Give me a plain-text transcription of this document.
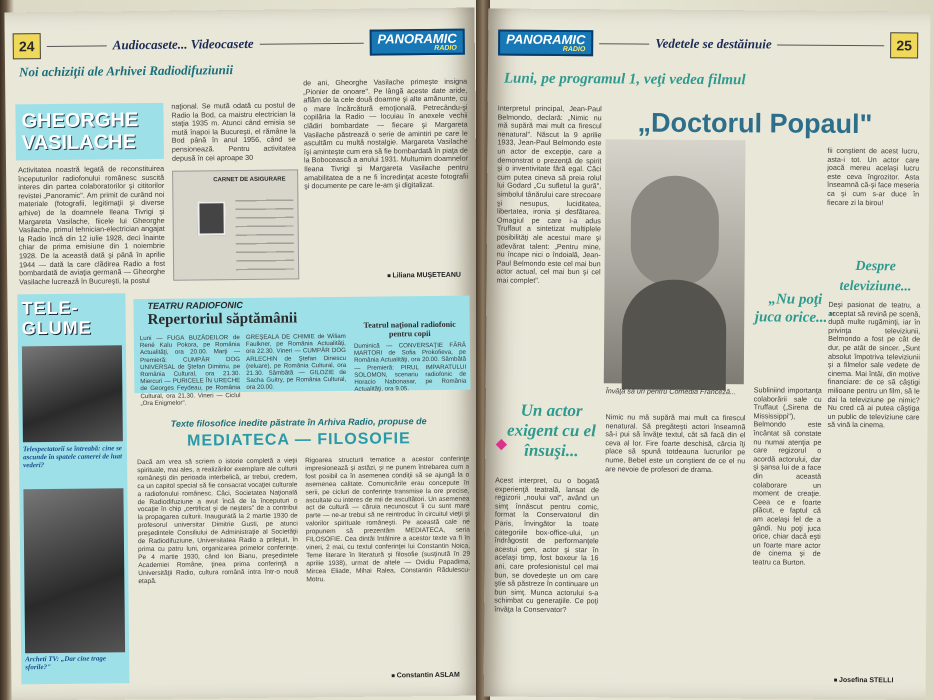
24	Audiocasete... Videocasete	PANORAMIC
RADIO
Noi achiziţii ale Arhivei Radiodifuziunii
GHEORGHE VASILACHE
Activitatea noastră legată de reconstituirea începuturilor radiofonului românesc suscită interes din partea colaboratorilor şi cititorilor revistei „Panoramic". Am primit de curând noi materiale (fotografii, legitimaţii şi diverse arhive) de la doamnele Ileana Tivrigi şi Margareta Vasilache, fiicele lui Gheorghe Vasilache, primul tehnician-electrician angajat la Radio încă din 12 iulie 1928, deci înainte chiar de prima emisiune din 1 noiembrie 1928. De la această dată şi până în aprilie 1944 — dată la care clădirea Radio a fost bombardată de aviaţia germană — Gheorghe Vasilache lucrează în Bucureşti, la postul
naţional. Se mută odată cu postul de Radio la Bod, ca maistru electrician la staţia 1935 m. Atunci când emisia se mută înapoi la Bucureşti, el rămâne la Bod până în anul 1956, când se pensionează. Pentru activitatea depusă în cei aproape 30
de ani, Gheorghe Vasilache primeşte insigna „Pionier de onoare". Pe lângă aceste date aride, aflăm de la cele două doamne şi alte amănunte, cu o mare încărcătură emoţională. Petrecându-şi copilăria la Radio — locuiau în anexele vechii clădiri bombardate — fiecare şi Margareta Vasilache păstrează o serie de amintiri pe care le ascultăm cu multă nostalgie. Margareta Vasilache îşi aminteşte cum era să fie bombardată în piaţa de la Bobocească a anului 1931. Multumim doamnelor Ileana Tivrigi şi Margareta Vasilache pentru amabilitatea de a ne fi încredinţat aceste fotografii şi documente pe care le-am şi digitalizat.
CARNET DE ASIGURARE
■ Liliana MUŞETEANU
TELE-GLUME
Telespectatorii se întreabă: cine se ascunde în spatele camerei de luat vederi?
Archeti TV: „Dar cine trage sforile?"
TEATRU RADIOFONIC
Repertoriul săptămânii
Luni — FUGA BUZĂDEILOR de René Kalu Pokora, pe România Actualităţi, ora 20.00. Marţi — Premieră: CUMPĂR DOG UNIVERSAL de Ştefan Dimitriu, pe România Cultural, ora 21.30. Miercuri — PURICELE ÎN URECHE de Georges Feydeau, pe România Cultural, ora 21.30. Vineri — Ciclul „Ora Enigmelor".
GREŞEALA DE CHIMIE de Wiliam Faulkner, pe România Actualităţi, ora 22.30. Vineri — CUMPĂR DOG ARLECHIN de Ştefan Dinescu (reluare), pe România Cultural, ora 21.30. Sâmbătă — GILOZIE de Sacha Guitry, pe România Cultural, ora 20.00.
Teatrul naţional radiofonic pentru copii
Duminică — CONVERSAŢIE FĂRĂ MARTORI de Sofia Prokofieva, pe România Actualităţi, ora 20.00. Sâmbătă — Premieră: PIRUL IMPARATULUI SOLOMON, scenariu radiofonic de Horacio Nabonasar, pe România Actualităţi, ora 9.05.
Texte filosofice inedite păstrate în Arhiva Radio, propuse de
MEDIATECA — FILOSOFIE
Dacă am vrea să scriem o istorie completă a vieţii spirituale, mai ales, a realizărilor exemplare ale culturii româneşti din perioada interbelică, ar trebui, credem, ca un capitol special să fie consacrat vocaţiei culturale a radiofonului românesc. Căci, Societatea Naţională de Radiodifuziune a avut încă de la începuturi o vocaţie în chip „certificat şi de neşters" de a contribui la propagarea culturii. Inaugurată la 2 martie 1930 de profesorul universitar Dimitrie Gusti, pe atunci preşedintele Consiliului de Administraţie al Societăţii de Radiodifuziune, Universitatea Radio a prilejuit, în prima cu patru luni, organizarea primelor conferinţe. Pe 4 martie 1930, când Ion Bianu, preşedintele Academiei Române, ţinea prima conferinţă a Universităţii Radio, cultura română intra într-o nouă etapă.
Rigoarea structurii tematice a acestor conferinţe impresionează şi astăzi, şi ne punem întrebarea cum a fost posibil ca în asemenea condiţii să se ajungă la o asemenea calitate. Comunicările erau concepute în serii, pe cicluri de conferinţe transmise la ore precise, ascultate cu interes de mii de ascultători. Un asemenea act de cultură — căruia necunoscut îi cu sunt mare parte — ne-ar trebui să ne reintroduc în circuitul vieţii şi valorilor spirituale româneşti. Pe această cale ne propunem să prezentăm MEDIATECA, seria FILOSOFIE. Cea dintâi întâlnire a acestor texte va fi în vineri, 2 mai, cu textul conferinţei lui Constantin Noica, Teme literare în literatură şi filosofie (susţinută în 29 aprilie 1938), urmat de altele — Ovidiu Papadima, Mircea Eliade, Mihai Ralea, Constantin Rădulescu-Motru.
■ Constantin ASLAM
PANORAMIC
RADIO	Vedetele se destăinuie	25
Luni, pe programul 1, veţi vedea filmul
„Doctorul Popaul"
Interpretul principal, Jean-Paul Belmondo, declară: „Nimic nu mă supără mai mult ca firescul nenatural". Născut la 9 aprilie 1933, Jean-Paul Belmondo este un actor de excepţie, care a demonstrat o prezenţă de spirit şi o inventivitate fără egal. Căci cum putea cineva să preia rolul lui Godard „Cu sufletul la gură", simbolul tânărului care strecoare şi nesupus, luciditatea, libertatea, ironia şi desfătarea. Omagiul pe care i-a adus Truffaut a sintetizat multiplele posibilităţi ale acestui mare şi adevărat talent: „Pentru mine, nu încape nici o îndoială, Jean-Paul Belmondo este cel mai bun actor actual, cel mai bun şi cel mai complet".
fii conştient de acest lucru, asta-i tot. Un actor care joacă mereu acelaşi lucru este ceva îngrozitor. Asta înseamnă că-şi face meseria ca şi cum s-ar duce în fiecare zi la birou!
Învăţă să uri pentru Comedia Franceză...
Un actor exigent cu el însuşi...
„Nu poţi juca orice..."
Despre televiziune...
Acest interpret, cu o bogată experienţă teatrală, lansat de regizorii „noului val", având un simţ înnăscut pentru comic, format la Conservatorul din Paris, învingător la toate categoriile box-office-ului, un îndrăgostit de performanţele acestui gen, actor şi star în acelaşi timp, fost boxeur la 16 ani, care profesionistul cel mai bun, se dovedeşte un om care ştie să păstreze în continuare un bun simţ. Munca actorului s-a schimbat cu generaţiile. Ce poţi învăţa la Conservator?
Nimic nu mă supără mai mult ca firescul nenatural. Să pregăteşti actori înseamnă să-i pui să învăţe textul, cât să facă din el ceva al lor. Fire foarte deschisă, cârcia îţi place să spună totdeauna lucrurilor pe nume, Bebel este un conştient de ce el nu are nevoie de profesori de drama.
Subliniind importanţa colaborării sale cu Truffaut („Sirena de Mississippi"), Belmondo este încântat să constate nu numai atenţia pe care regizorul o acordă actorului, dar şi şansa lui de a face din această colaborare un moment de creaţie. Ceea ce e foarte plăcut, e faptul că am acelaşi fel de a gândi. Nu poţi juca orice, chiar dacă eşti un foarte mare actor de cinema şi de teatru ca Burton.
Deşi pasionat de teatru, a acceptat să revină pe scenă, după multe rugăminţi, iar în privinţa televiziunii, Belmondo a fost pe cât de dur, pe atât de sincer. „Sunt absolut împotriva televiziunii şi a filmelor sale vedete de cinema. Mai întâi, din motive financiare: de ce să câştigi milioane pentru un film, să le dai la televiziune pe nimic? Nu cred că ai putea câştiga un public de televiziune care să vină la cinema.
■ Josefina STELLI
